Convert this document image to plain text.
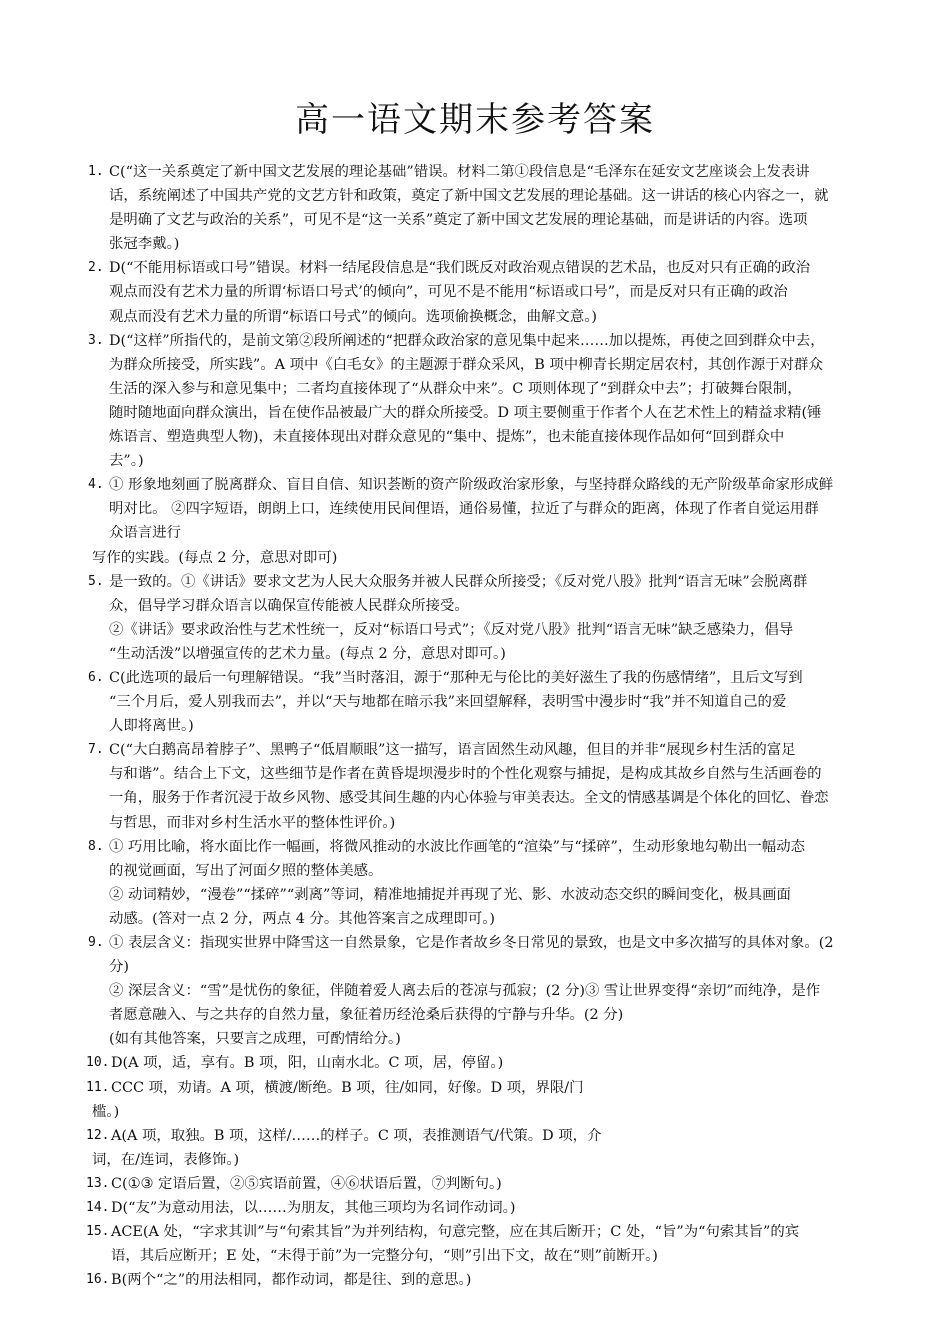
高一语文期末参考答案
1. C(“这一关系奠定了新中国文艺发展的理论基础”错误。材料二第①段信息是“毛泽东在延安文艺座谈会上发表讲
话，系统阐述了中国共产党的文艺方针和政策，奠定了新中国文艺发展的理论基础。这一讲话的核心内容之一，就
是明确了文艺与政治的关系”，可见不是“这一关系”奠定了新中国文艺发展的理论基础，而是讲话的内容。选项
张冠李戴。)
2. D(“不能用标语或口号”错误。材料一结尾段信息是“我们既反对政治观点错误的艺术品，也反对只有正确的政治
观点而没有艺术力量的所谓‘标语口号式’的倾向”，可见不是不能用“标语或口号”，而是反对只有正确的政治
观点而没有艺术力量的所谓“标语口号式”的倾向。选项偷换概念，曲解文意。)
3. D(“这样”所指代的，是前文第②段所阐述的“把群众政治家的意见集中起来……加以提炼，再使之回到群众中去，
为群众所接受，所实践”。A 项中《白毛女》的主题源于群众采风，B 项中柳青长期定居农村，其创作源于对群众
生活的深入参与和意见集中；二者均直接体现了“从群众中来”。C 项则体现了“到群众中去”；打破舞台限制，
随时随地面向群众演出，旨在使作品被最广大的群众所接受。D 项主要侧重于作者个人在艺术性上的精益求精(锤
炼语言、塑造典型人物)，未直接体现出对群众意见的“集中、提炼”，也未能直接体现作品如何“回到群众中
去”。)
4. ① 形象地刻画了脱离群众、盲目自信、知识荟断的资产阶级政治家形象，与坚持群众路线的无产阶级革命家形成鲜
明对比。 ②四字短语，朗朗上口，连续使用民间俚语，通俗易懂，拉近了与群众的距离，体现了作者自觉运用群
众语言进行
写作的实践。(每点 2 分，意思对即可)
5. 是一致的。①《讲话》要求文艺为人民大众服务并被人民群众所接受；《反对党八股》批判“语言无味”会脱离群
众，倡导学习群众语言以确保宣传能被人民群众所接受。
②《讲话》要求政治性与艺术性统一，反对“标语口号式”；《反对党八股》批判“语言无味”缺乏感染力，倡导
“生动活泼”以增强宣传的艺术力量。(每点 2 分，意思对即可。)
6. C(此选项的最后一句理解错误。“我”当时落泪，源于“那种无与伦比的美好滋生了我的伤感情绪”，且后文写到
“三个月后，爱人别我而去”，并以“天与地都在暗示我”来回望解释，表明雪中漫步时“我”并不知道自己的爱
人即将离世。)
7. C(“大白鹅高昂着脖子”、黑鸭子“低眉顺眼”这一描写，语言固然生动风趣，但目的并非“展现乡村生活的富足
与和谐”。结合上下文，这些细节是作者在黄昏堤坝漫步时的个性化观察与捕捉，是构成其故乡自然与生活画卷的
一角，服务于作者沉浸于故乡风物、感受其间生趣的内心体验与审美表达。全文的情感基调是个体化的回忆、眷恋
与哲思，而非对乡村生活水平的整体性评价。)
8. ① 巧用比喻，将水面比作一幅画，将微风推动的水波比作画笔的“渲染”与“揉碎”，生动形象地勾勒出一幅动态
的视觉画面，写出了河面夕照的整体美感。
② 动词精妙，“漫卷”“揉碎”“剥离”等词，精准地捕捉并再现了光、影、水波动态交织的瞬间变化，极具画面
动感。(答对一点 2 分，两点 4 分。其他答案言之成理即可。)
9. ① 表层含义：指现实世界中降雪这一自然景象，它是作者故乡冬日常见的景致，也是文中多次描写的具体对象。(2
分)
② 深层含义：“雪”是忧伤的象征，伴随着爱人离去后的苍凉与孤寂；(2 分)③ 雪让世界变得“亲切”而纯净，是作
者愿意融入、与之共存的自然力量，象征着历经沧桑后获得的宁静与升华。(2 分)
(如有其他答案，只要言之成理，可酌情给分。)
10. D(A 项，适，享有。B 项，阳，山南水北。C 项，居，停留。)
11. CCC 项，劝请。A 项，横渡/断绝。B 项，往/如同，好像。D 项，界限/门
槛。)
12. A(A 项，取独。B 项，这样/……的样子。C 项，表推测语气/代策。D 项，介
词，在/连词，表修饰。)
13. C(①③ 定语后置，②⑤宾语前置，④⑥状语后置，⑦判断句。)
14. D(“友”为意动用法，以……为朋友，其他三项均为名词作动词。)
15. ACE(A 处，“字求其训”与“句索其旨”为并列结构，句意完整，应在其后断开；C 处，“旨”为“句索其旨”的宾
语，其后应断开；E 处，“未得于前”为一完整分句，“则”引出下文，故在“则”前断开。)
16. B(两个“之”的用法相同，都作动词，都是往、到的意思。)
